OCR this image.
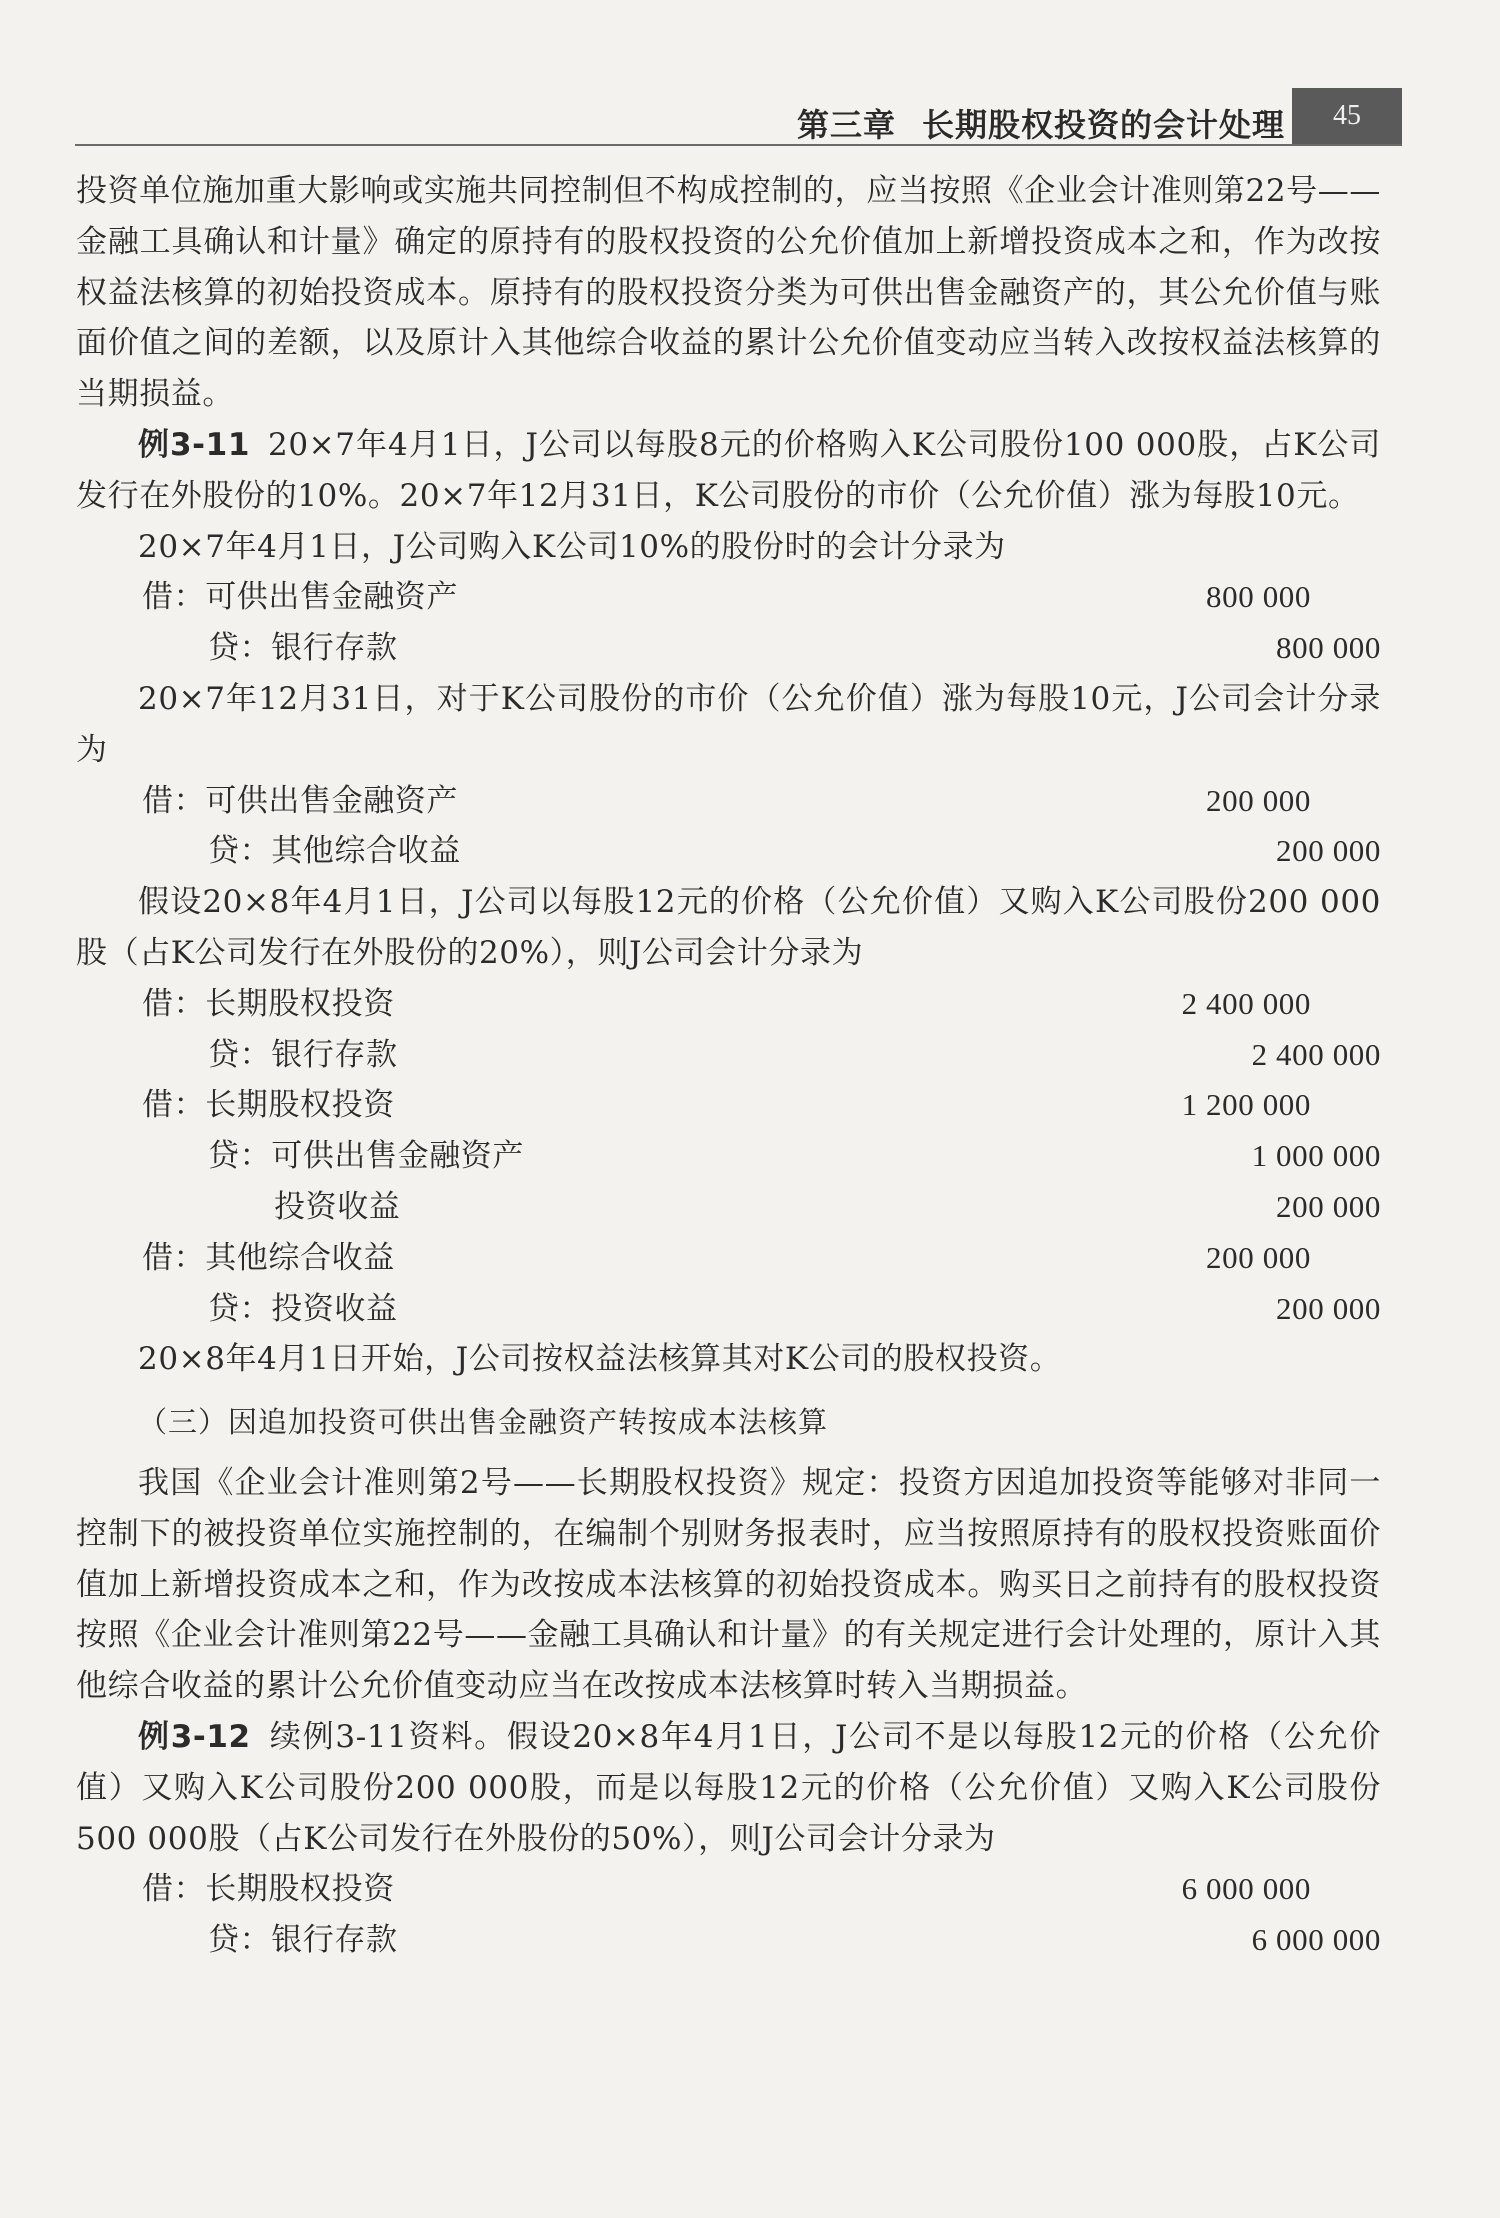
第三章 长期股权投资的会计处理	45

投资单位施加重大影响或实施共同控制但不构成控制的，应当按照《企业会计准则第22号——金融工具确认和计量》确定的原持有的股权投资的公允价值加上新增投资成本之和，作为改按权益法核算的初始投资成本。原持有的股权投资分类为可供出售金融资产的，其公允价值与账面价值之间的差额，以及原计入其他综合收益的累计公允价值变动应当转入改按权益法核算的当期损益。

例3-11 20×7年4月1日，J公司以每股8元的价格购入K公司股份100 000股，占K公司发行在外股份的10%。20×7年12月31日，K公司股份的市价（公允价值）涨为每股10元。

20×7年4月1日，J公司购入K公司10%的股份时的会计分录为

借：可供出售金融资产	800 000
贷：银行存款	800 000

20×7年12月31日，对于K公司股份的市价（公允价值）涨为每股10元，J公司会计分录为

借：可供出售金融资产	200 000
贷：其他综合收益	200 000

假设20×8年4月1日，J公司以每股12元的价格（公允价值）又购入K公司股份200 000股（占K公司发行在外股份的20%），则J公司会计分录为

借：长期股权投资	2 400 000
贷：银行存款	2 400 000
借：长期股权投资	1 200 000
贷：可供出售金融资产	1 000 000
投资收益	200 000
借：其他综合收益	200 000
贷：投资收益	200 000

20×8年4月1日开始，J公司按权益法核算其对K公司的股权投资。

（三）因追加投资可供出售金融资产转按成本法核算

我国《企业会计准则第2号——长期股权投资》规定：投资方因追加投资等能够对非同一控制下的被投资单位实施控制的，在编制个别财务报表时，应当按照原持有的股权投资账面价值加上新增投资成本之和，作为改按成本法核算的初始投资成本。购买日之前持有的股权投资按照《企业会计准则第22号——金融工具确认和计量》的有关规定进行会计处理的，原计入其他综合收益的累计公允价值变动应当在改按成本法核算时转入当期损益。

例3-12 续例3-11资料。假设20×8年4月1日，J公司不是以每股12元的价格（公允价值）又购入K公司股份200 000股，而是以每股12元的价格（公允价值）又购入K公司股份500 000股（占K公司发行在外股份的50%），则J公司会计分录为

借：长期股权投资	6 000 000
贷：银行存款	6 000 000
